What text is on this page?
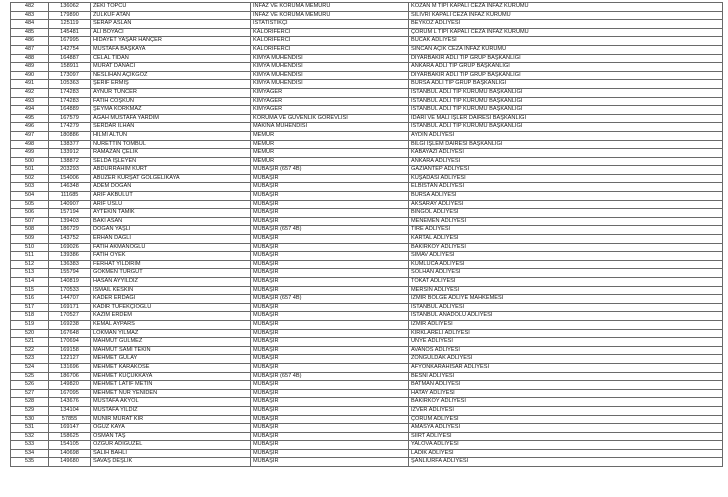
482	136062	ZEKİ TOPCU	İNFAZ VE KORUMA MEMURU	KOZAN M TİPİ KAPALI CEZA İNFAZ KURUMU
483	179890	ZÜLKÜF ATAN	İNFAZ VE KORUMA MEMURU	SİLİVRİ KAPALI CEZA İNFAZ KURUMU
484	125119	SERAP ASLAN	İSTATİSTİKÇİ	BEYKOZ ADLİYESİ
485	145481	ALİ BOYACI	KALORİFERCİ	ÇORUM L TİPİ KAPALI CEZA İNFAZ KURUMU
486	167995	HİDAYET YAŞAR HANÇER	KALORİFERCİ	BUCAK ADLİYESİ
487	142754	MUSTAFA BAŞKAYA	KALORİFERCİ	SİNCAN AÇIK CEZA İNFAZ KURUMU
488	164887	CELAL TİDAN	KİMYA MÜHENDİSİ	DİYARBAKIR ADLİ TIP GRUP BAŞKANLIĞI
489	158911	MURAT DANACI	KİMYA MÜHENDİSİ	ANKARA ADLİ TIP GRUP BAŞKANLIĞI
490	173097	NESLİHAN AÇIKGÖZ	KİMYA MÜHENDİSİ	DİYARBAKIR ADLİ TIP GRUP BAŞKANLIĞI
491	105363	ŞERİF ERMİŞ	KİMYA MÜHENDİSİ	BURSA ADLİ TIP GRUP BAŞKANLIĞI
492	174283	AYNUR TUNCER	KİMYAGER	İSTANBUL ADLİ TIP KURUMU BAŞKANLIĞI
493	174283	FATİH COŞKUN	KİMYAGER	İSTANBUL ADLİ TIP KURUMU BAŞKANLIĞI
494	164889	ŞEYMA KORKMAZ	KİMYAGER	İSTANBUL ADLİ TIP KURUMU BAŞKANLIĞI
495	167579	AĞAH MUSTAFA YARDIM	KORUMA VE GÜVENLİK GÖREVLİSİ	İDARİ VE MALİ İŞLER DAİRESİ BAŞKANLIĞI
496	174279	SERDAR İLHAN	MAKİNA MÜHENDİSİ	İSTANBUL ADLİ TIP KURUMU BAŞKANLIĞI
497	180886	HİLMİ ALTUN	MEMUR	AYDIN ADLİYESİ
498	138377	NURETTİN TOMBUL	MEMUR	BİLGİ İŞLEM DAİRESİ BAŞKANLIĞI
499	133912	RAMAZAN ÇELİK	MEMUR	KABAYAZI ADLİYESİ
500	138872	SELDA İŞLEYEN	MEMUR	ANKARA ADLİYESİ
501	203293	ABDURRAHİM KURT	MÜBAŞİR (657 4B)	GAZİANTEP ADLİYESİ
502	154006	ABUZER KÜRŞAT GÖLGELİKAYA	MÜBAŞİR	KUŞADASI ADLİYESİ
503	146348	ADEM DOĞAN	MÜBAŞİR	ELBİSTAN ADLİYESİ
504	111685	ARİF AKBULUT	MÜBAŞİR	BURSA ADLİYESİ
505	140907	ARİF USLU	MÜBAŞİR	AKSARAY ADLİYESİ
506	157194	AYTEKİN TAMİK	MÜBAŞİR	BİNGÖL ADLİYESİ
507	139403	BAKİ ASAN	MÜBAŞİR	MENEMEN ADLİYESİ
508	186729	DOĞAN YAŞLI	MÜBAŞİR (657 4B)	TİRE ADLİYESİ
509	143752	ERHAN DAĞLI	MÜBAŞİR	KARTAL ADLİYESİ
510	169026	FATİH AKMANOĞLU	MÜBAŞİR	BAKIRKÖY ADLİYESİ
511	139386	FATİH ÖYEK	MÜBAŞİR	SİMAV ADLİYESİ
512	136383	FERHAT YILDIRIM	MÜBAŞİR	KUMLUCA ADLİYESİ
513	155794	GÖKMEN TURĞUT	MÜBAŞİR	SOLHAN ADLİYESİ
514	140819	HASAN AYYILDIZ	MÜBAŞİR	TOKAT ADLİYESİ
515	170533	İSMAİL KESKİN	MÜBAŞİR	MERSİN ADLİYESİ
516	144707	KADER ERDAĞI	MÜBAŞİR (657 4B)	İZMİR BÖLGE ADLİYE MAHKEMESİ
517	169171	KADİR TÜFEKÇİOĞLU	MÜBAŞİR	İSTANBUL ADLİYESİ
518	170527	KAZIM ERDEM	MÜBAŞİR	İSTANBUL ANADOLU ADLİYESİ
519	169238	KEMAL AYPARS	MÜBAŞİR	İZMİR ADLİYESİ
520	167648	LOKMAN YILMAZ	MÜBAŞİR	KIRKLARELİ ADLİYESİ
521	170694	MAHMUT GÜLMEZ	MÜBAŞİR	ÜNYE ADLİYESİ
522	169158	MAHMUT SAMİ TEKİN	MÜBAŞİR	AVANOS ADLİYESİ
523	122127	MEHMET GÜLAY	MÜBAŞİR	ZONGULDAK ADLİYESİ
524	131696	MEHMET KARAKÖSE	MÜBAŞİR	AFYONKARAHİSAR ADLİYESİ
525	186706	MEHMET KÜÇÜKKAYA	MÜBAŞİR (657 4B)	BESNİ ADLİYESİ
526	149820	MEHMET LATİF METİN	MÜBAŞİR	BATMAN ADLİYESİ
527	167095	MEHMET NUR YENİDEN	MÜBAŞİR	HATAY ADLİYESİ
528	143676	MUSTAFA AKYOL	MÜBAŞİR	BAKIRKÖY ADLİYESİ
529	134104	MUSTAFA YILDIZ	MÜBAŞİR	İZVER ADLİYESİ
530	57855	MÜNİR MURAT KIR	MÜBAŞİR	ÇORUM ADLİYESİ
531	169147	OĞUZ KAYA	MÜBAŞİR	AMASYA ADLİYESİ
532	158625	OSMAN TAŞ	MÜBAŞİR	SİİRT ADLİYESİ
533	154105	ÖZGÜR ADIGÜZEL	MÜBAŞİR	YALOVA ADLİYESİ
534	140698	SALİH BAHLI	MÜBAŞİR	LADİK ADLİYESİ
535	149680	SAVAŞ DEŞLİK	MÜBAŞİR	ŞANLIURFA ADLİYESİ
